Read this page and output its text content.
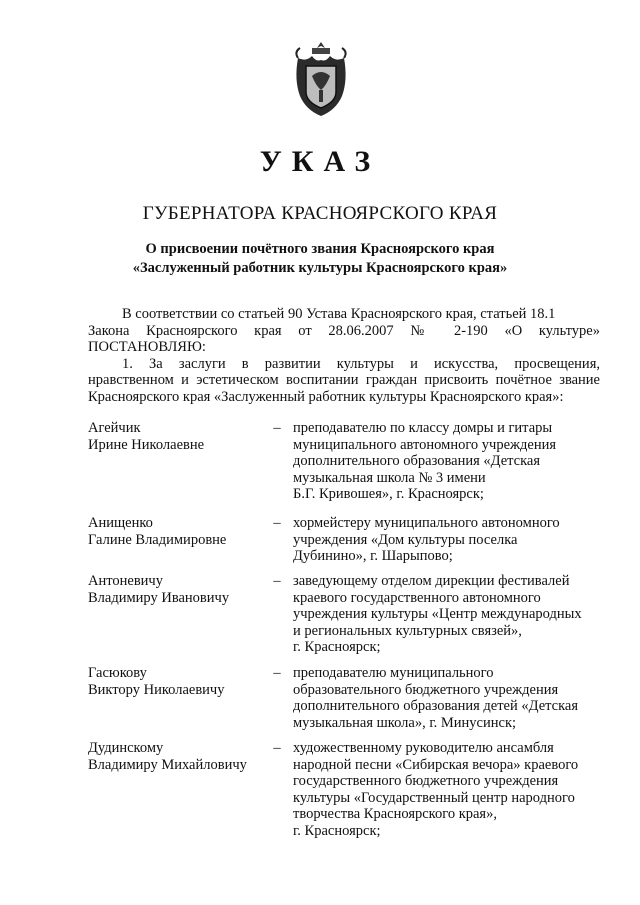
УКАЗ
ГУБЕРНАТОРА КРАСНОЯРСКОГО КРАЯ
О присвоении почётного звания Красноярского края
«Заслуженный работник культуры Красноярского края»

В соответствии со статьей 90 Устава Красноярского края, статьей 18.1

Закона Красноярского края от 28.06.2007 № 2-190 «О культуре»

ПОСТАНОВЛЯЮ:

1. За заслуги в развитии культуры и искусства, просвещения,

нравственном и эстетическом воспитании граждан присвоить почётное звание

Красноярского края «Заслуженный работник культуры Красноярского края»:

Агейчик
Ирине Николаевне
– преподавателю по классу домры и гитары
муниципального автономного учреждения
дополнительного образования «Детская
музыкальная школа № 3 имени
Б.Г. Кривошея», г. Красноярск;
Анищенко
Галине Владимировне
– хормейстеру муниципального автономного
учреждения «Дом культуры поселка
Дубинино», г. Шарыпово;
Антоневичу
Владимиру Ивановичу
– заведующему отделом дирекции фестивалей
краевого государственного автономного
учреждения культуры «Центр международных
и региональных культурных связей»,
г. Красноярск;
Гасюкову
Виктору Николаевичу
– преподавателю муниципального
образовательного бюджетного учреждения
дополнительного образования детей «Детская
музыкальная школа», г. Минусинск;
Дудинскому
Владимиру Михайловичу
– художественному руководителю ансамбля
народной песни «Сибирская вечора» краевого
государственного бюджетного учреждения
культуры «Государственный центр народного
творчества Красноярского края»,
г. Красноярск;
